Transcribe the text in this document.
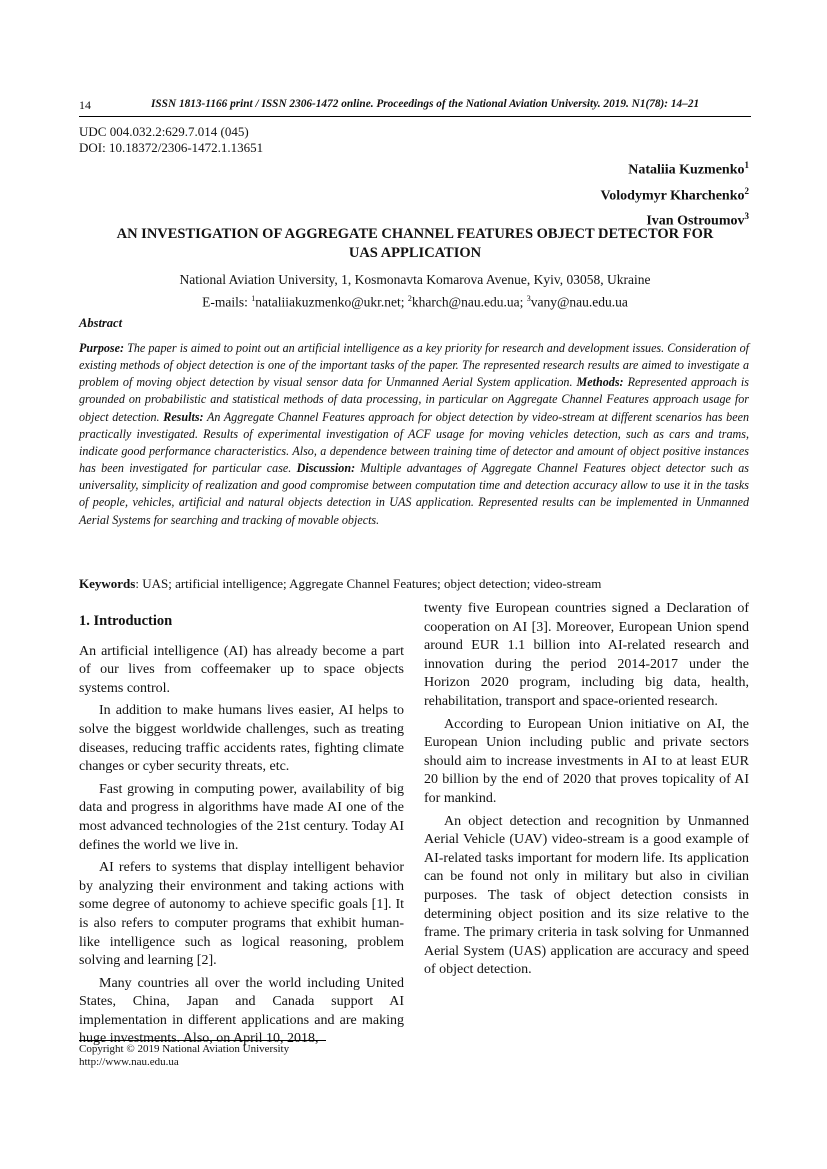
14	ISSN 1813-1166 print / ISSN 2306-1472 online. Proceedings of the National Aviation University. 2019. N1(78): 14–21
UDC 004.032.2:629.7.014 (045)
DOI: 10.18372/2306-1472.1.13651
Nataliia Kuzmenko$^1$
Volodymyr Kharchenko$^2$
Ivan Ostroumov$^3$
AN INVESTIGATION OF AGGREGATE CHANNEL FEATURES OBJECT DETECTOR FOR
UAS APPLICATION
National Aviation University, 1, Kosmonavta Komarova Avenue, Kyiv, 03058, Ukraine
E-mails: $^1$nataliiakuzmenko@ukr.net; $^2$kharch@nau.edu.ua; $^3$vany@nau.edu.ua
Abstract
Purpose: The paper is aimed to point out an artificial intelligence as a key priority for research and development issues. Consideration of existing methods of object detection is one of the important tasks of the paper. The represented research results are aimed to investigate a problem of moving object detection by visual sensor data for Unmanned Aerial System application. Methods: Represented approach is grounded on probabilistic and statistical methods of data processing, in particular on Aggregate Channel Features approach usage for object detection. Results: An Aggregate Channel Features approach for object detection by video-stream at different scenarios has been practically investigated. Results of experimental investigation of ACF usage for moving vehicles detection, such as cars and trams, indicate good performance characteristics. Also, a dependence between training time of detector and amount of object positive instances has been investigated for particular case. Discussion: Multiple advantages of Aggregate Channel Features object detector such as universality, simplicity of realization and good compromise between computation time and detection accuracy allow to use it in the tasks of people, vehicles, artificial and natural objects detection in UAS application. Represented results can be implemented in Unmanned Aerial Systems for searching and tracking of movable objects.
Keywords: UAS; artificial intelligence; Aggregate Channel Features; object detection; video-stream
1. Introduction

An artificial intelligence (AI) has already become a part of our lives from coffeemaker up to space objects systems control.

In addition to make humans lives easier, AI helps to solve the biggest worldwide challenges, such as treating diseases, reducing traffic accidents rates, fighting climate changes or cyber security threats, etc.

Fast growing in computing power, availability of big data and progress in algorithms have made AI one of the most advanced technologies of the 21st century. Today AI defines the world we live in.

AI refers to systems that display intelligent behavior by analyzing their environment and taking actions with some degree of autonomy to achieve specific goals [1]. It is also refers to computer programs that exhibit human-like intelligence such as logical reasoning, problem solving and learning [2].

Many countries all over the world including United States, China, Japan and Canada support AI implementation in different applications and are making huge investments. Also, on April 10, 2018,

twenty five European countries signed a Declaration of cooperation on AI [3]. Moreover, European Union spend around EUR 1.1 billion into AI-related research and innovation during the period 2014-2017 under the Horizon 2020 program, including big data, health, rehabilitation, transport and space-oriented research.

According to European Union initiative on AI, the European Union including public and private sectors should aim to increase investments in AI to at least EUR 20 billion by the end of 2020 that proves topicality of AI for mankind.

An object detection and recognition by Unmanned Aerial Vehicle (UAV) video-stream is a good example of AI-related tasks important for modern life. Its application can be found not only in military but also in civilian purposes. The task of object detection consists in determining object position and its size relative to the frame. The primary criteria in task solving for Unmanned Aerial System (UAS) application are accuracy and speed of object detection.

Copyright © 2019 National Aviation University
http://www.nau.edu.ua
